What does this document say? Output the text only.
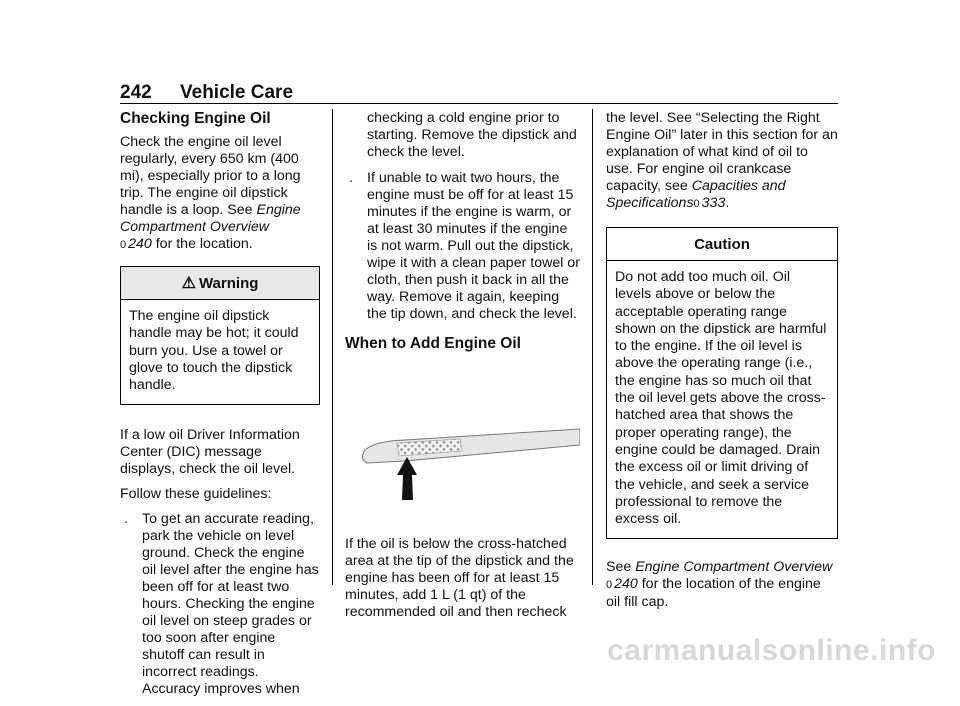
242 Vehicle Care
Checking Engine Oil

Check the engine oil level regularly, every 650 km (400 mi), especially prior to a long trip. The engine oil dipstick handle is a loop. See Engine Compartment Overview
0 240 for the location.

⚠ Warning
The engine oil dipstick handle may be hot; it could burn you. Use a towel or glove to touch the dipstick handle.

If a low oil Driver Information Center (DIC) message displays, check the oil level.

Follow these guidelines:

. To get an accurate reading, park the vehicle on level ground. Check the engine oil level after the engine has been off for at least two hours. Checking the engine oil level on steep grades or too soon after engine shutoff can result in incorrect readings. Accuracy improves when
checking a cold engine prior to starting. Remove the dipstick and check the level.
. If unable to wait two hours, the engine must be off for at least 15 minutes if the engine is warm, or at least 30 minutes if the engine is not warm. Pull out the dipstick, wipe it with a clean paper towel or cloth, then push it back in all the way. Remove it again, keeping the tip down, and check the level.
When to Add Engine Oil

If the oil is below the cross-hatched area at the tip of the dipstick and the engine has been off for at least 15 minutes, add 1 L (1 qt) of the recommended oil and then recheck

the level. See “Selecting the Right Engine Oil” later in this section for an explanation of what kind of oil to use. For engine oil crankcase capacity, see Capacities and Specifications0 333.

Caution
Do not add too much oil. Oil levels above or below the acceptable operating range shown on the dipstick are harmful to the engine. If the oil level is above the operating range (i.e., the engine has so much oil that the oil level gets above the cross-hatched area that shows the proper operating range), the engine could be damaged. Drain the excess oil or limit driving of the vehicle, and seek a service professional to remove the excess oil.

See Engine Compartment Overview
0 240 for the location of the engine oil fill cap.

carmanualsonline.info
